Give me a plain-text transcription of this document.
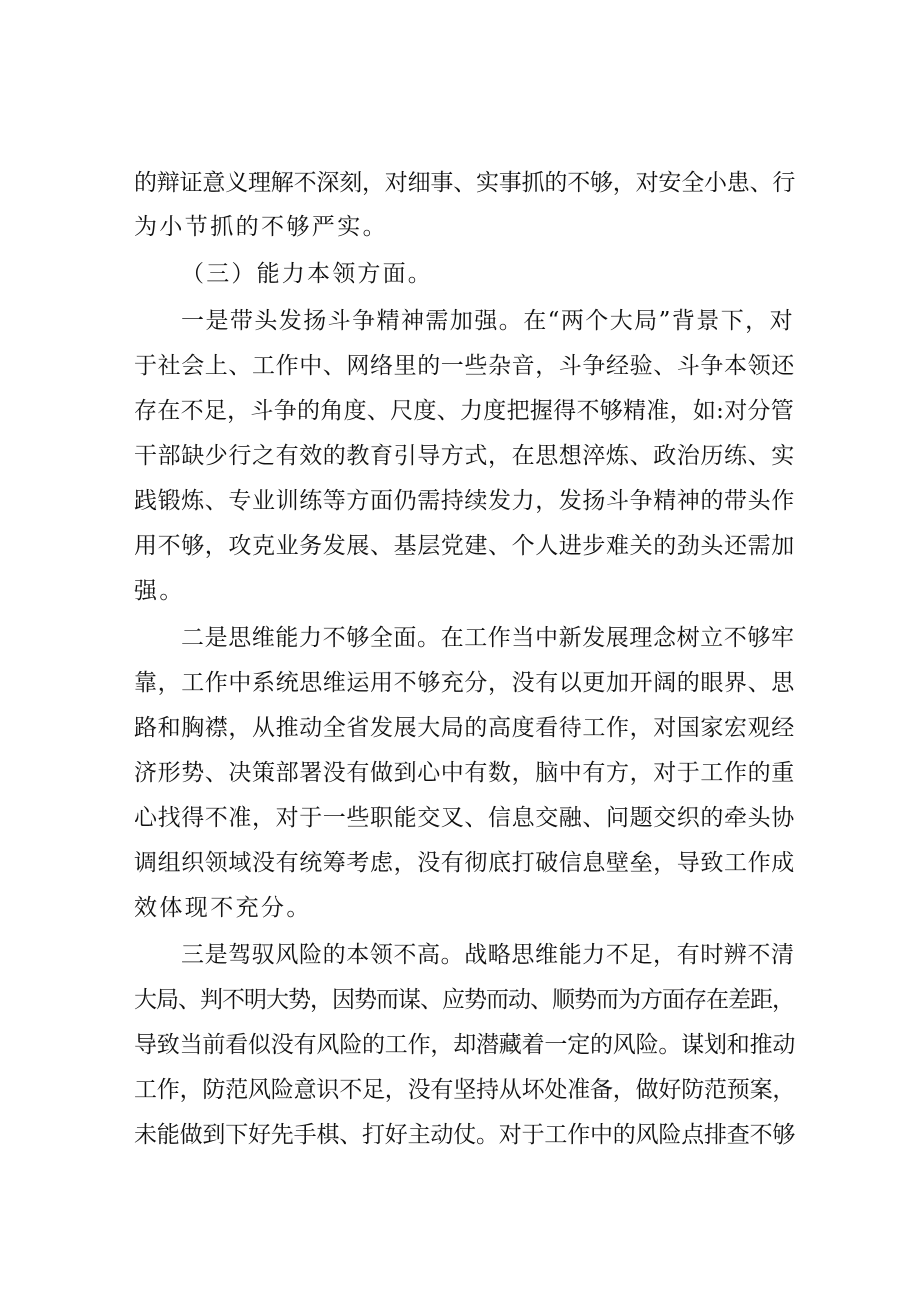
的辩证意义理解不深刻，对细事、实事抓的不够，对安全小患、行
为小节抓的不够严实。
（三）能力本领方面。
一是带头发扬斗争精神需加强。在“两个大局”背景下，对
于社会上、工作中、网络里的一些杂音，斗争经验、斗争本领还
存在不足，斗争的角度、尺度、力度把握得不够精准，如:对分管
干部缺少行之有效的教育引导方式，在思想淬炼、政治历练、实
践锻炼、专业训练等方面仍需持续发力，发扬斗争精神的带头作
用不够，攻克业务发展、基层党建、个人进步难关的劲头还需加
强。
二是思维能力不够全面。在工作当中新发展理念树立不够牢
靠，工作中系统思维运用不够充分，没有以更加开阔的眼界、思
路和胸襟，从推动全省发展大局的高度看待工作，对国家宏观经
济形势、决策部署没有做到心中有数，脑中有方，对于工作的重
心找得不准，对于一些职能交叉、信息交融、问题交织的牵头协
调组织领域没有统筹考虑，没有彻底打破信息壁垒，导致工作成
效体现不充分。
三是驾驭风险的本领不高。战略思维能力不足，有时辨不清
大局、判不明大势，因势而谋、应势而动、顺势而为方面存在差距，
导致当前看似没有风险的工作，却潜藏着一定的风险。谋划和推动
工作，防范风险意识不足，没有坚持从坏处准备，做好防范预案，
未能做到下好先手棋、打好主动仗。对于工作中的风险点排查不够
